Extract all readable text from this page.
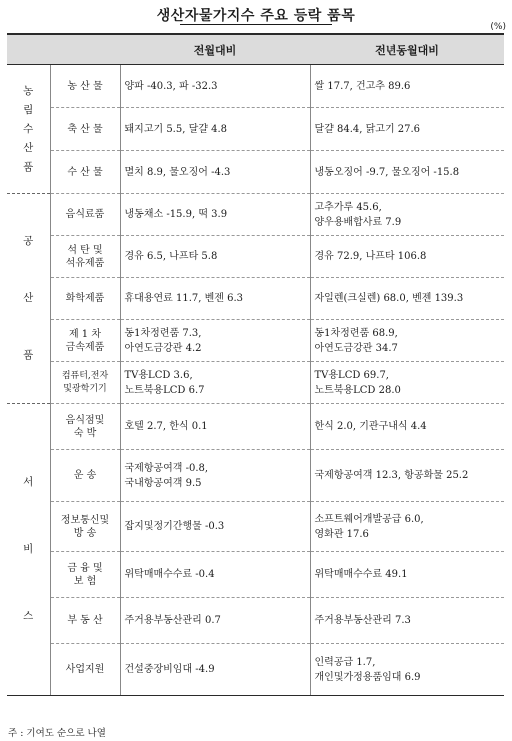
생산자물가지수 주요 등락 품목
(%)
		전월대비	전년동월대비

농
림
수
산
품	농 산 물	양파 -40.3, 파 -32.3	쌀 17.7, 건고추 89.6

	축 산 물	돼지고기 5.5, 달걀 4.8	달걀 84.4, 닭고기 27.6

	수 산 물	멸치 8.9, 물오징어 -4.3	냉동오징어 -9.7, 물오징어 -15.8

공
산
품	음식료품	냉동채소 -15.9, 떡 3.9	고추가루 45.6,
양우용배합사료 7.9

	석 탄 및
석유제품	경유 6.5, 나프타 5.8	경유 72.9, 나프타 106.8

	화학제품	휴대용연료 11.7, 벤젠 6.3	자일렌(크실렌) 68.0, 벤젠 139.3

	제 1 차
금속제품	동1차정련품 7.3,
아연도금강관 4.2	동1차정련품 68.9,
아연도금강관 34.7

	컴퓨터,전자
및광학기기	TV용LCD 3.6,
노트북용LCD 6.7	TV용LCD 69.7,
노트북용LCD 28.0

서
비
스	음식점및
숙 박	호텔 2.7, 한식 0.1	한식 2.0, 기관구내식 4.4

	운 송	국제항공여객 -0.8,
국내항공여객 9.5	국제항공여객 12.3, 항공화물 25.2

	정보통신및
방 송	잡지및정기간행물 -0.3	소프트웨어개발공급 6.0,
영화관 17.6

	금 융 및
보 험	위탁매매수수료 -0.4	위탁매매수수료 49.1

	부 동 산	주거용부동산관리 0.7	주거용부동산관리 7.3

	사업지원	건설중장비임대 -4.9	인력공급 1.7,
개인및가정용품임대 6.9
주 : 기여도 순으로 나열
